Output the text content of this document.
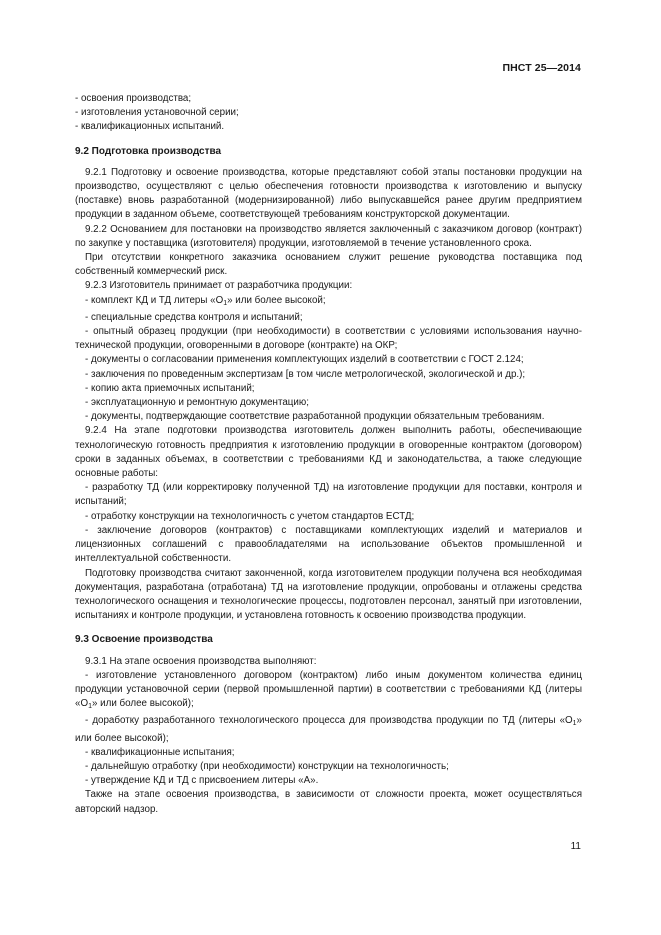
ПНСТ 25—2014

- освоения производства;

- изготовления установочной серии;

- квалификационных испытаний.

9.2 Подготовка производства

9.2.1 Подготовку и освоение производства, которые представляют собой этапы постановки продукции на производство, осуществляют с целью обеспечения готовности производства к изготовлению и выпуску (поставке) вновь разработанной (модернизированной) либо выпускавшейся ранее другим предприятием продукции в заданном объеме, соответствующей требованиям конструкторской документации.

9.2.2 Основанием для постановки на производство является заключенный с заказчиком договор (контракт) по закупке у поставщика (изготовителя) продукции, изготовляемой в течение установленного срока.

При отсутствии конкретного заказчика основанием служит решение руководства поставщика под собственный коммерческий риск.

9.2.3 Изготовитель принимает от разработчика продукции:

- комплект КД и ТД литеры «$О_1$» или более высокой;

- специальные средства контроля и испытаний;

- опытный образец продукции (при необходимости) в соответствии с условиями использования научно-технической продукции, оговоренными в договоре (контракте) на ОКР;

- документы о согласовании применения комплектующих изделий в соответствии с ГОСТ 2.124;

- заключения по проведенным экспертизам [в том числе метрологической, экологической и др.);

- копию акта приемочных испытаний;

- эксплуатационную и ремонтную документацию;

- документы, подтверждающие соответствие разработанной продукции обязательным требованиям.

9.2.4 На этапе подготовки производства изготовитель должен выполнить работы, обеспечивающие технологическую готовность предприятия к изготовлению продукции в оговоренные контрактом (договором) сроки в заданных объемах, в соответствии с требованиями КД и законодательства, а также следующие основные работы:

- разработку ТД (или корректировку полученной ТД) на изготовление продукции для поставки, контроля и испытаний;

- отработку конструкции на технологичность с учетом стандартов ЕСТД;

- заключение договоров (контрактов) с поставщиками комплектующих изделий и материалов и лицензионных соглашений с правообладателями на использование объектов промышленной и интеллектуальной собственности.

Подготовку производства считают законченной, когда изготовителем продукции получена вся необходимая документация, разработана (отработана) ТД на изготовление продукции, опробованы и отлажены средства технологического оснащения и технологические процессы, подготовлен персонал, занятый при изготовлении, испытаниях и контроле продукции, и установлена готовность к освоению производства продукции.

9.3 Освоение производства

9.3.1 На этапе освоения производства выполняют:

- изготовление установленного договором (контрактом) либо иным документом количества единиц продукции установочной серии (первой промышленной партии) в соответствии с требованиями КД (литеры «$О_1$» или более высокой);

- доработку разработанного технологического процесса для производства продукции по ТД (литеры «$О_1$» или более высокой);

- квалификационные испытания;

- дальнейшую отработку (при необходимости) конструкции на технологичность;

- утверждение КД и ТД с присвоением литеры «А».

Также на этапе освоения производства, в зависимости от сложности проекта, может осуществляться авторский надзор.

11
